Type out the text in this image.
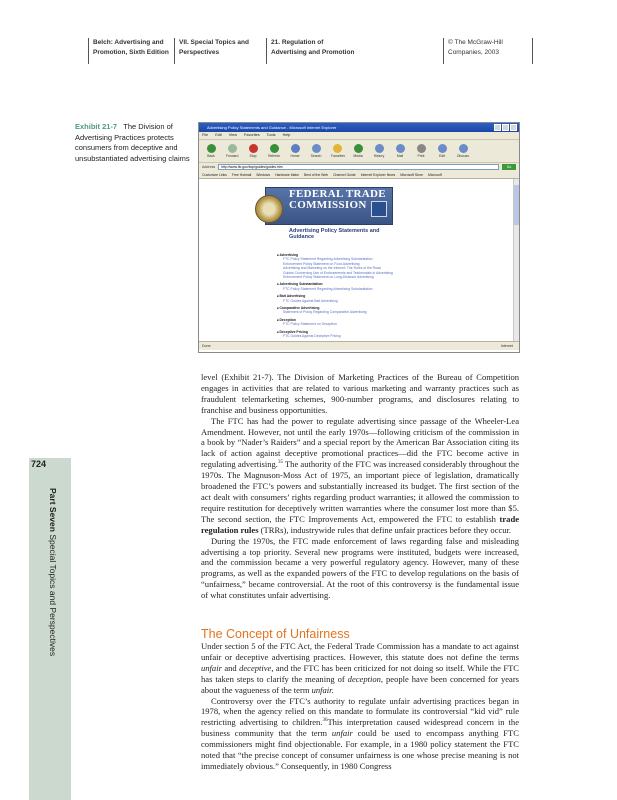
Belch: Advertising and
Promotion, Sixth Edition
VII. Special Topics and
Perspectives
21. Regulation of
Advertising and Promotion
© The McGraw-Hill
Companies, 2003
724
Part Seven Special Topics and Perspectives
Exhibit 21-7 The Division of Advertising Practices protects consumers from deceptive and unsubstantiated advertising claims
Advertising Policy Statements and Guidance - Microsoft Internet Explorer
File Edit View Favorites Tools Help
Back	Forward	Stop	Refresh	Home	Search	Favorites	Media	History	Mail	Print	Edit	Discuss
Address	http://www.ftc.gov/bcp/guides/guides.htm	Go
Customize Links Free Hotmail Windows Hardware Make Best of the Web Channel Guide Internet Explorer News Microsoft Store Microsoft
FEDERAL TRADE COMMISSION
Advertising Policy Statements and Guidance
■ Advertising
FTC Policy Statement Regarding Advertising Substantiation
Enforcement Policy Statement on Food Advertising
Advertising and Marketing on the Internet: The Rules of the Road
Guides Concerning Use of Endorsements and Testimonials in Advertising
Enforcement Policy Statement on Long-Distance Advertising
■ Advertising Substantiation
FTC Policy Statement Regarding Advertising Substantiation
■ Bait Advertising
FTC Guides Against Bait Advertising
■ Comparative Advertising
Statement of Policy Regarding Comparative Advertising
■ Deception
FTC Policy Statement on Deception
■ Deceptive Pricing
FTC Guides Against Deceptive Pricing
Done	Internet

level (Exhibit 21-7). The Division of Marketing Practices of the Bureau of Competition engages in activities that are related to various marketing and warranty practices such as fraudulent telemarketing schemes, 900-number programs, and disclosures relating to franchise and business opportunities.

The FTC has had the power to regulate advertising since passage of the Wheeler-Lea Amendment. However, not until the early 1970s—following criticism of the commission in a book by “Nader’s Raiders” and a special report by the American Bar Association citing its lack of action against deceptive promotional practices—did the FTC become active in regulating advertising.$^{35}$ The authority of the FTC was increased considerably throughout the 1970s. The Magnuson-Moss Act of 1975, an important piece of legislation, dramatically broadened the FTC’s powers and substantially increased its budget. The first section of the act dealt with consumers’ rights regarding product warranties; it allowed the commission to require restitution for deceptively written warranties where the consumer lost more than $5. The second section, the FTC Improvements Act, empowered the FTC to establish trade regulation rules (TRRs), industrywide rules that define unfair practices before they occur.

During the 1970s, the FTC made enforcement of laws regarding false and misleading advertising a top priority. Several new programs were instituted, budgets were increased, and the commission became a very powerful regulatory agency. However, many of these programs, as well as the expanded powers of the FTC to develop regulations on the basis of “unfairness,” became controversial. At the root of this controversy is the fundamental issue of what constitutes unfair advertising.

The Concept of Unfairness

Under section 5 of the FTC Act, the Federal Trade Commission has a mandate to act against unfair or deceptive advertising practices. However, this statute does not define the terms unfair and deceptive, and the FTC has been criticized for not doing so itself. While the FTC has taken steps to clarify the meaning of deception, people have been concerned for years about the vagueness of the term unfair.

Controversy over the FTC’s authority to regulate unfair advertising practices began in 1978, when the agency relied on this mandate to formulate its controversial “kid vid” rule restricting advertising to children.$^{36}$This interpretation caused widespread concern in the business community that the term unfair could be used to encompass anything FTC commissioners might find objectionable. For example, in a 1980 policy statement the FTC noted that “the precise concept of consumer unfairness is one whose precise meaning is not immediately obvious.” Consequently, in 1980 Congress
